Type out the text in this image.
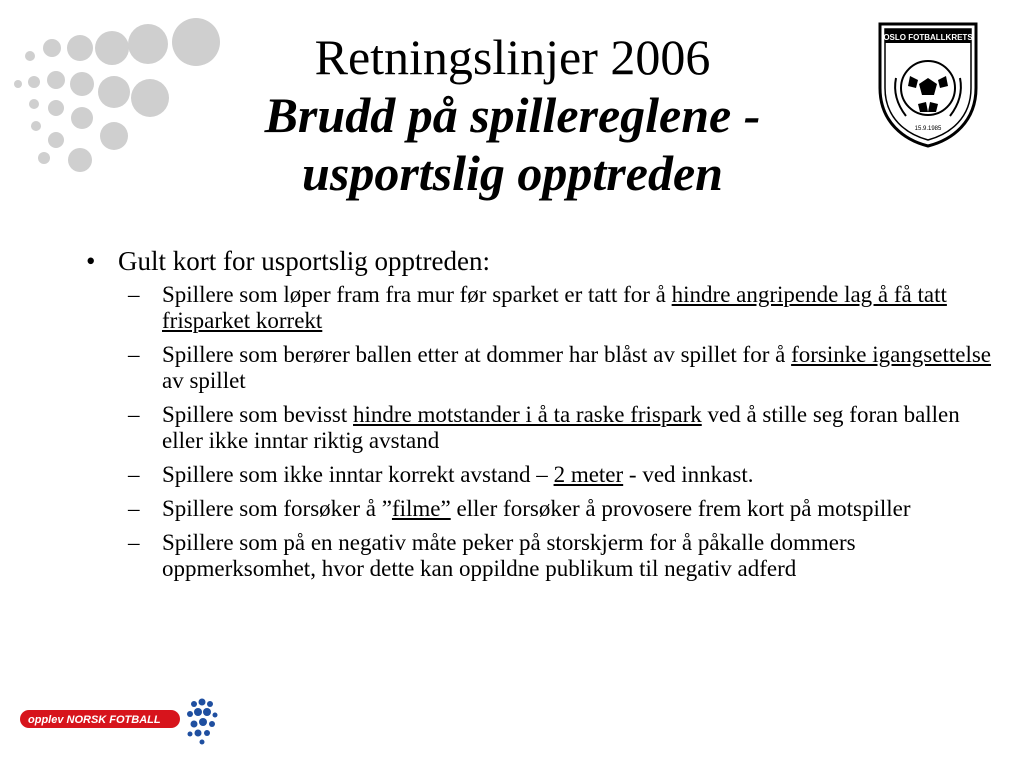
OSLO FOTBALLKRETS
15.9.1985
Retningslinjer 2006
Brudd på spillereglene -
usportslig opptreden
• Gult kort for usportslig opptreden:
– Spillere som løper fram fra mur før sparket er tatt for å hindre angripende lag å få tatt frisparket korrekt
– Spillere som berører ballen etter at dommer har blåst av spillet for å forsinke igangsettelse av spillet
– Spillere som bevisst hindre motstander i å ta raske frispark ved å stille seg foran ballen eller ikke inntar riktig avstand
– Spillere som ikke inntar korrekt avstand – 2 meter - ved innkast.
– Spillere som forsøker å ”filme” eller forsøker å provosere frem kort på motspiller
– Spillere som på en negativ måte peker på storskjerm for å påkalle dommers oppmerksomhet, hvor dette kan oppildne publikum til negativ adferd
opplev NORSK FOTBALL
